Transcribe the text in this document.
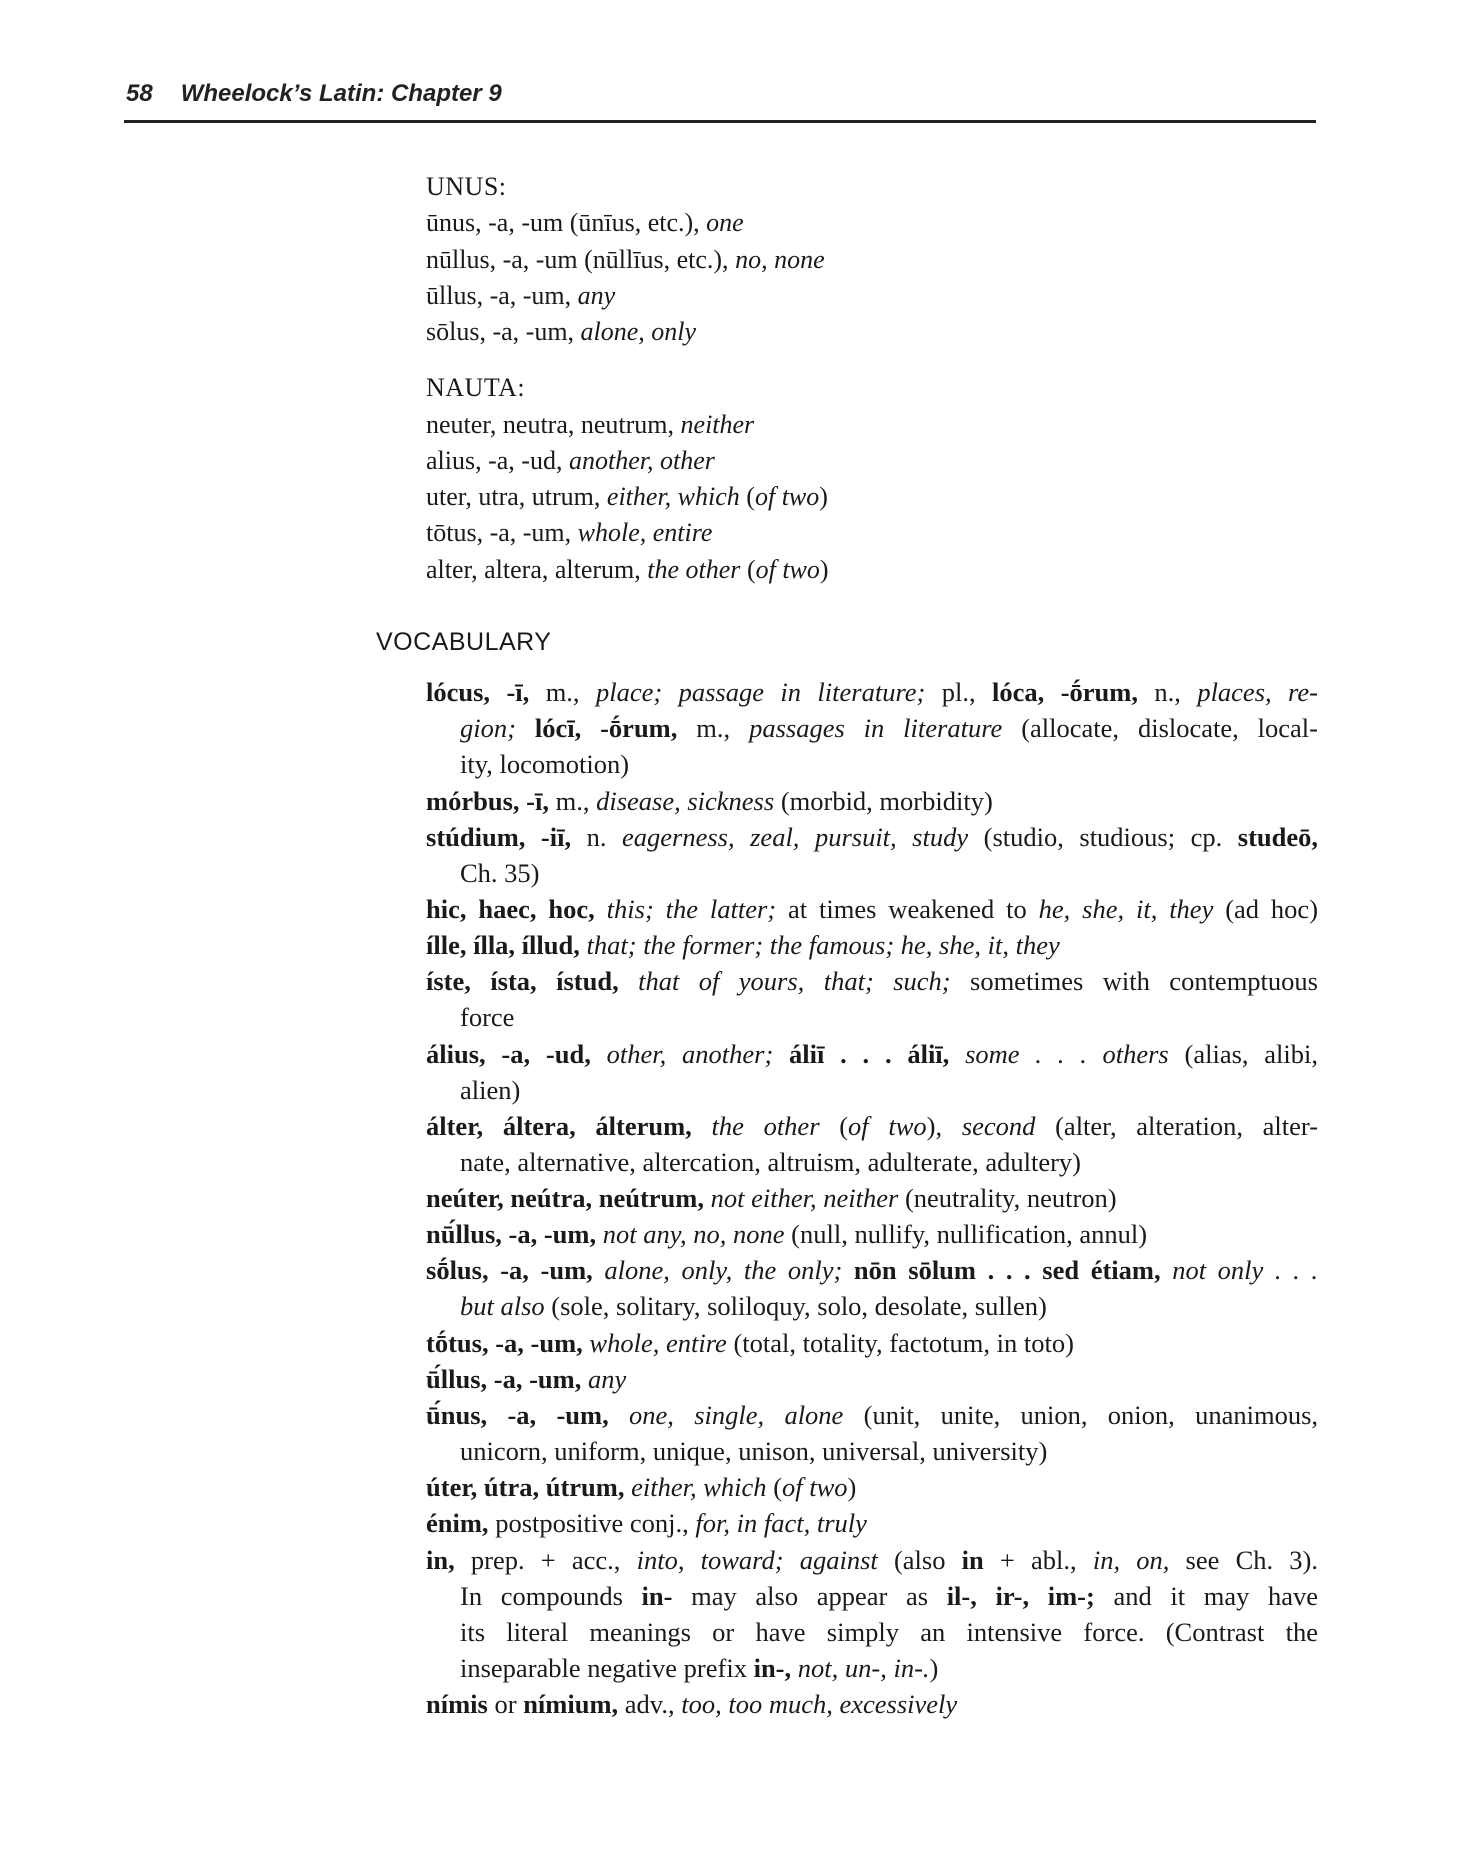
58 Wheelock’s Latin: Chapter 9
UNUS:
ūnus, -a, -um (ūnīus, etc.), one
nūllus, -a, -um (nūllīus, etc.), no, none
ūllus, -a, -um, any
sōlus, -a, -um, alone, only
NAUTA:
neuter, neutra, neutrum, neither
alius, -a, -ud, another, other
uter, utra, utrum, either, which (of two)
tōtus, -a, -um, whole, entire
alter, altera, alterum, the other (of two)
VOCABULARY
lócus, -ī, m., place; passage in literature; pl., lóca, -ṓrum, n., places, re-
gion; lócī, -ṓrum, m., passages in literature (allocate, dislocate, local-
ity, locomotion)
mórbus, -ī, m., disease, sickness (morbid, morbidity)
stúdium, -iī, n. eagerness, zeal, pursuit, study (studio, studious; cp. studeō,
Ch. 35)
hic, haec, hoc, this; the latter; at times weakened to he, she, it, they (ad hoc)
ílle, ílla, íllud, that; the former; the famous; he, she, it, they
íste, ísta, ístud, that of yours, that; such; sometimes with contemptuous
force
álius, -a, -ud, other, another; áliī . . . áliī, some . . . others (alias, alibi,
alien)
álter, áltera, álterum, the other (of two), second (alter, alteration, alter-
nate, alternative, altercation, altruism, adulterate, adultery)
neúter, neútra, neútrum, not either, neither (neutrality, neutron)
nū́llus, -a, -um, not any, no, none (null, nullify, nullification, annul)
sṓlus, -a, -um, alone, only, the only; nōn sōlum . . . sed étiam, not only . . .
but also (sole, solitary, soliloquy, solo, desolate, sullen)
tṓtus, -a, -um, whole, entire (total, totality, factotum, in toto)
ū́llus, -a, -um, any
ū́nus, -a, -um, one, single, alone (unit, unite, union, onion, unanimous,
unicorn, uniform, unique, unison, universal, university)
úter, útra, útrum, either, which (of two)
énim, postpositive conj., for, in fact, truly
in, prep. + acc., into, toward; against (also in + abl., in, on, see Ch. 3).
In compounds in- may also appear as il-, ir-, im-; and it may have
its literal meanings or have simply an intensive force. (Contrast the
inseparable negative prefix in-, not, un-, in-.)
nímis or nímium, adv., too, too much, excessively
